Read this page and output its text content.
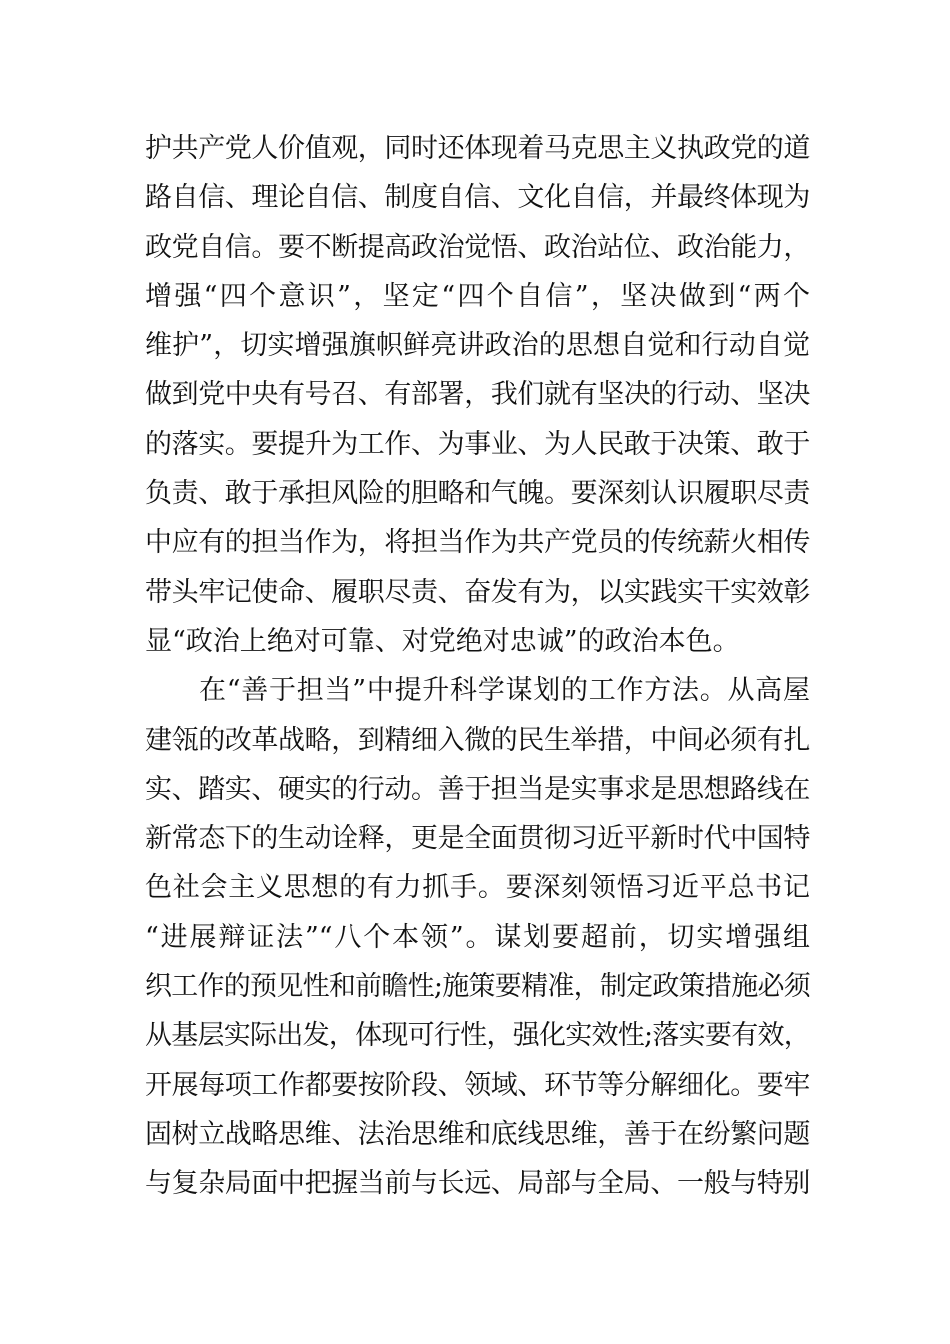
护共产党人价值观，同时还体现着马克思主义执政党的道
路自信、理论自信、制度自信、文化自信，并最终体现为
政党自信。要不断提高政治觉悟、政治站位、政治能力，
增强“四个意识”，坚定“四个自信”，坚决做到“两个
维护”，切实增强旗帜鲜亮讲政治的思想自觉和行动自觉
做到党中央有号召、有部署，我们就有坚决的行动、坚决
的落实。要提升为工作、为事业、为人民敢于决策、敢于
负责、敢于承担风险的胆略和气魄。要深刻认识履职尽责
中应有的担当作为，将担当作为共产党员的传统薪火相传
带头牢记使命、履职尽责、奋发有为，以实践实干实效彰
显“政治上绝对可靠、对党绝对忠诚”的政治本色。
在“善于担当”中提升科学谋划的工作方法。从高屋
建瓴的改革战略，到精细入微的民生举措，中间必须有扎
实、踏实、硬实的行动。善于担当是实事求是思想路线在
新常态下的生动诠释，更是全面贯彻习近平新时代中国特
色社会主义思想的有力抓手。要深刻领悟习近平总书记
“进展辩证法”“八个本领”。谋划要超前，切实增强组
织工作的预见性和前瞻性;施策要精准，制定政策措施必须
从基层实际出发，体现可行性，强化实效性;落实要有效，
开展每项工作都要按阶段、领域、环节等分解细化。要牢
固树立战略思维、法治思维和底线思维，善于在纷繁问题
与复杂局面中把握当前与长远、局部与全局、一般与特别
